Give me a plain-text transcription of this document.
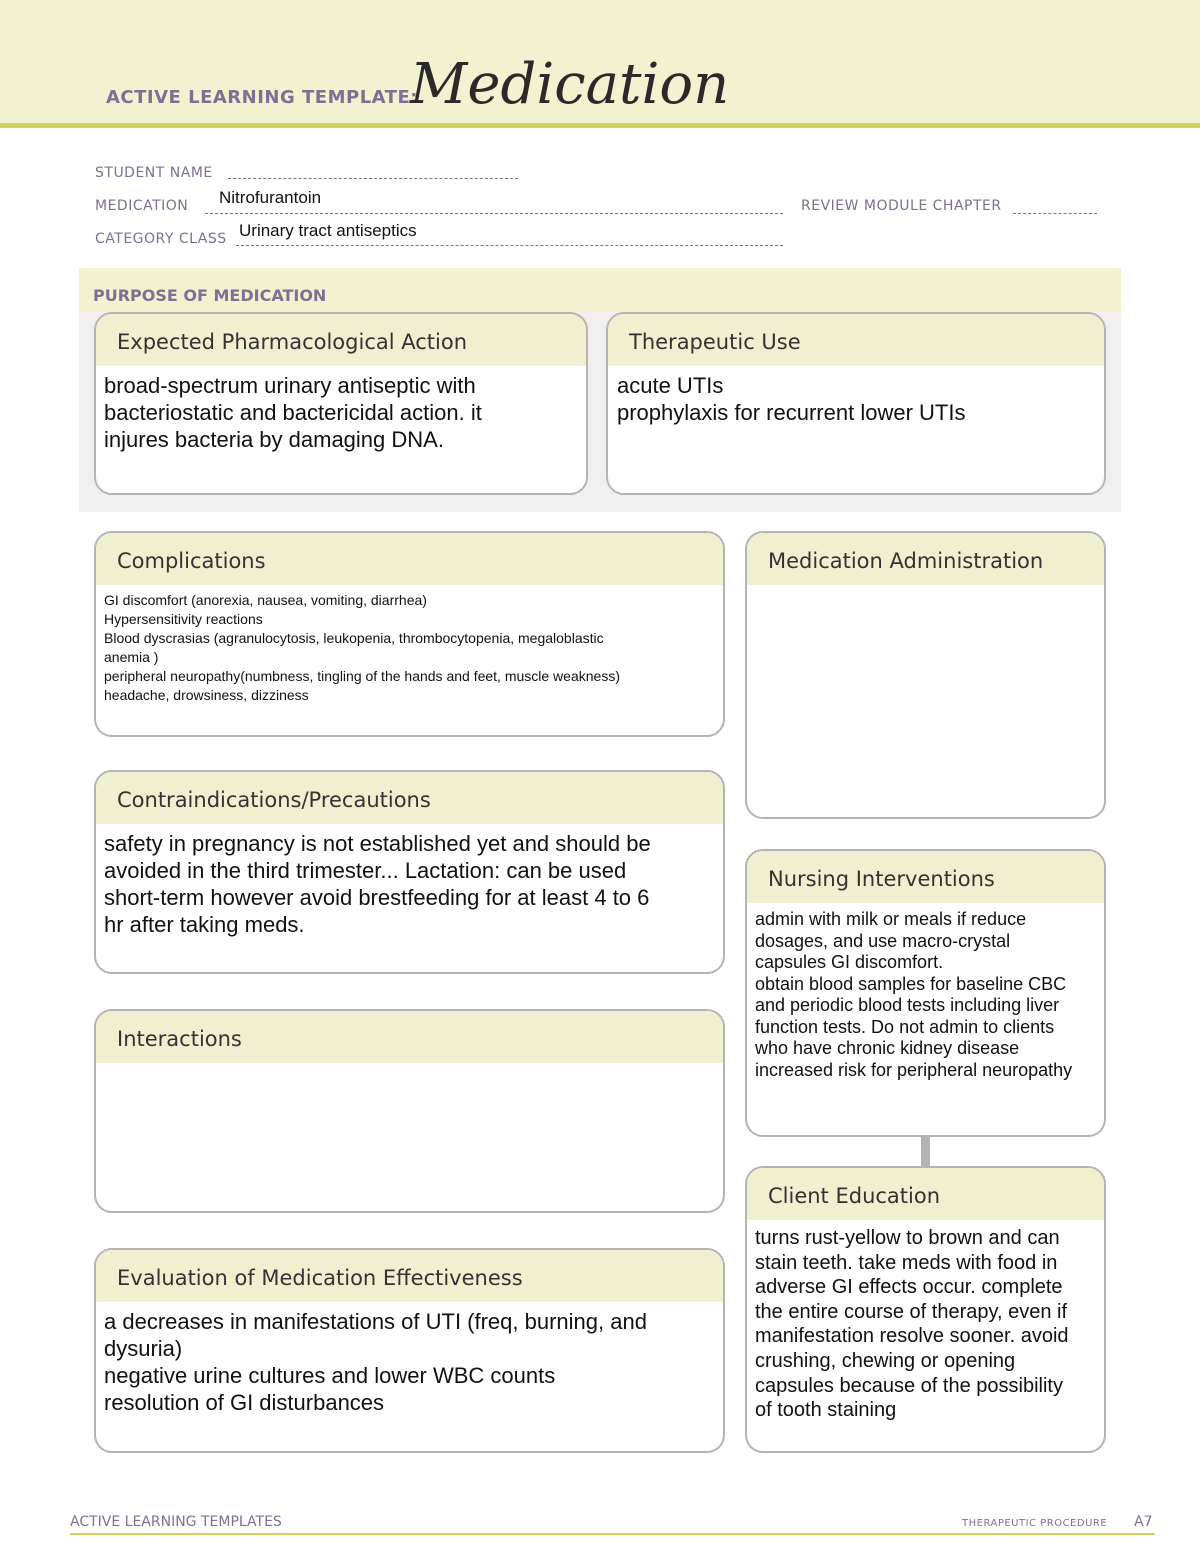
ACTIVE LEARNING TEMPLATE:
Medication
STUDENT NAME
MEDICATION Nitrofurantoin	REVIEW MODULE CHAPTER
CATEGORY CLASS Urinary tract antiseptics
PURPOSE OF MEDICATION
Expected Pharmacological Action
broad-spectrum urinary antiseptic with
bacteriostatic and bactericidal action. it
injures bacteria by damaging DNA.
Therapeutic Use
acute UTIs
prophylaxis for recurrent lower UTIs
Complications
GI discomfort (anorexia, nausea, vomiting, diarrhea)
Hypersensitivity reactions
Blood dyscrasias (agranulocytosis, leukopenia, thrombocytopenia, megaloblastic
anemia )
peripheral neuropathy(numbness, tingling of the hands and feet, muscle weakness)
headache, drowsiness, dizziness
Medication Administration
Contraindications/Precautions
safety in pregnancy is not established yet and should be
avoided in the third trimester... Lactation: can be used
short-term however avoid brestfeeding for at least 4 to 6
hr after taking meds.
Nursing Interventions
admin with milk or meals if reduce
dosages, and use macro-crystal
capsules GI discomfort.
obtain blood samples for baseline CBC
and periodic blood tests including liver
function tests. Do not admin to clients
who have chronic kidney disease
increased risk for peripheral neuropathy
Interactions
Client Education
turns rust-yellow to brown and can
stain teeth. take meds with food in
adverse GI effects occur. complete
the entire course of therapy, even if
manifestation resolve sooner. avoid
crushing, chewing or opening
capsules because of the possibility
of tooth staining
Evaluation of Medication Effectiveness
a decreases in manifestations of UTI (freq, burning, and
dysuria)
negative urine cultures and lower WBC counts
resolution of GI disturbances
ACTIVE LEARNING TEMPLATES	THERAPEUTIC PROCEDURE A7
